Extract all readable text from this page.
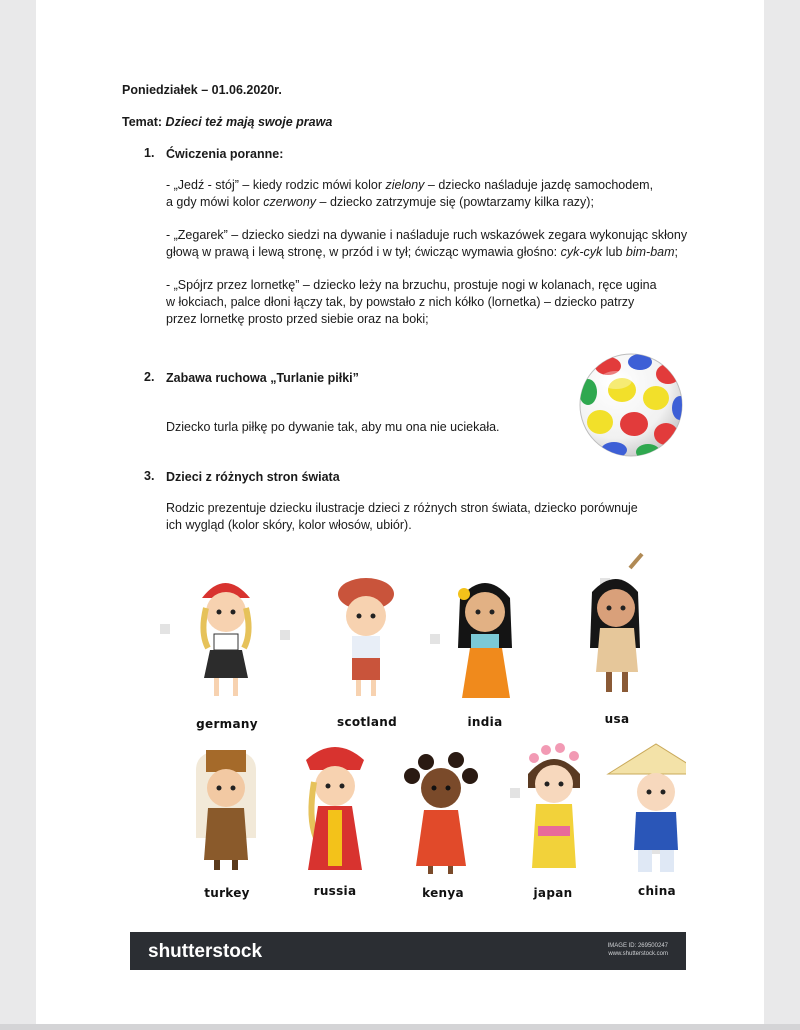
Poniedziałek – 01.06.2020r.
Temat: Dzieci też mają swoje prawa
1. Ćwiczenia poranne:
- „Jedź - stój” – kiedy rodzic mówi kolor zielony – dziecko naśladuje jazdę samochodem,
a gdy mówi kolor czerwony – dziecko zatrzymuje się (powtarzamy kilka razy);
- „Zegarek” – dziecko siedzi na dywanie i naśladuje ruch wskazówek zegara wykonując skłony
głową w prawą i lewą stronę, w przód i w tył; ćwicząc wymawia głośno: cyk-cyk lub bim-bam;
- „Spójrz przez lornetkę” – dziecko leży na brzuchu, prostuje nogi w kolanach, ręce ugina
w łokciach, palce dłoni łączy tak, by powstało z nich kółko (lornetka) – dziecko patrzy
przez lornetkę prosto przed siebie oraz na boki;
2. Zabawa ruchowa „Turlanie piłki”
Dziecko turla piłkę po dywanie tak, aby mu ona nie uciekała.
3. Dzieci z różnych stron świata
Rodzic prezentuje dziecku ilustracje dzieci z różnych stron świata, dziecko porównuje
ich wygląd (kolor skóry, kolor włosów, ubiór).
germany	scotland	india	usa
turkey	russia	kenya	japan	china
shutterstock	IMAGE ID: 269500247
www.shutterstock.com
